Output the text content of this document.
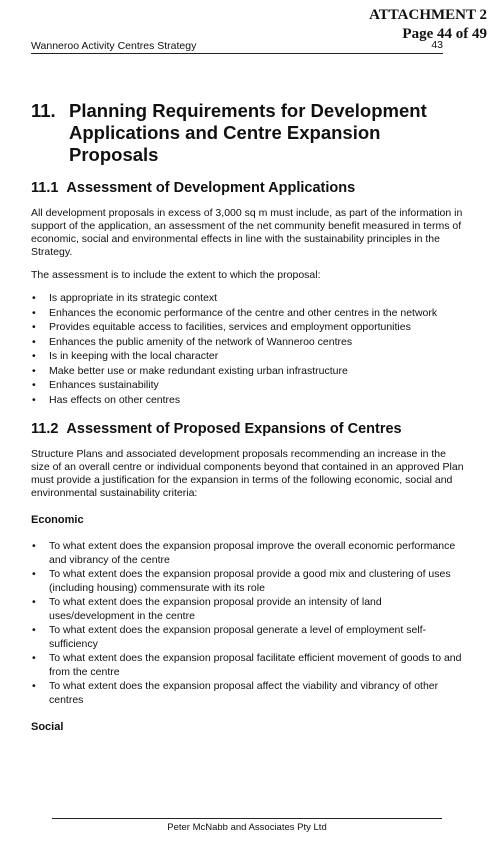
ATTACHMENT 2
Page 44 of 49
Wanneroo Activity Centres Strategy	43
11. Planning Requirements for Development Applications and Centre Expansion Proposals
11.1 Assessment of Development Applications

All development proposals in excess of 3,000 sq m must include, as part of the information in support of the application, an assessment of the net community benefit measured in terms of economic, social and environmental effects in line with the sustainability principles in the Strategy.

The assessment is to include the extent to which the proposal:

• Is appropriate in its strategic context
• Enhances the economic performance of the centre and other centres in the network
• Provides equitable access to facilities, services and employment opportunities
• Enhances the public amenity of the network of Wanneroo centres
• Is in keeping with the local character
• Make better use or make redundant existing urban infrastructure
• Enhances sustainability
• Has effects on other centres
11.2 Assessment of Proposed Expansions of Centres

Structure Plans and associated development proposals recommending an increase in the size of an overall centre or individual components beyond that contained in an approved Plan must provide a justification for the expansion in terms of the following economic, social and environmental sustainability criteria:

Economic
• To what extent does the expansion proposal improve the overall economic performance and vibrancy of the centre
• To what extent does the expansion proposal provide a good mix and clustering of uses (including housing) commensurate with its role
• To what extent does the expansion proposal provide an intensity of land uses/development in the centre
• To what extent does the expansion proposal generate a level of employment self-sufficiency
• To what extent does the expansion proposal facilitate efficient movement of goods to and from the centre
• To what extent does the expansion proposal affect the viability and vibrancy of other centres
Social
Peter McNabb and Associates Pty Ltd
